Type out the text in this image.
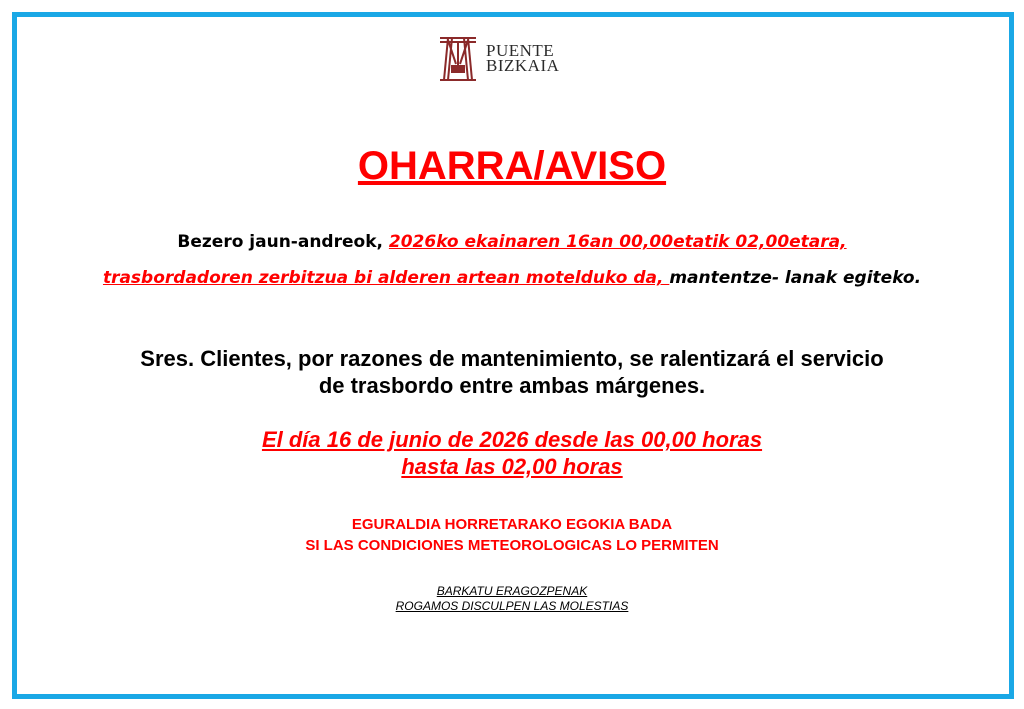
PUENTE
BIZKAIA
OHARRA/AVISO
Bezero jaun-andreok, 2026ko ekainaren 16an 00,00etatik 02,00etara,
trasbordadoren zerbitzua bi alderen artean motelduko da, mantentze- lanak egiteko.
Sres. Clientes, por razones de mantenimiento, se ralentizará el servicio
de trasbordo entre ambas márgenes.
El día 16 de junio de 2026 desde las 00,00 horas
hasta las 02,00 horas
EGURALDIA HORRETARAKO EGOKIA BADA
SI LAS CONDICIONES METEOROLOGICAS LO PERMITEN
BARKATU ERAGOZPENAK
ROGAMOS DISCULPEN LAS MOLESTIAS
